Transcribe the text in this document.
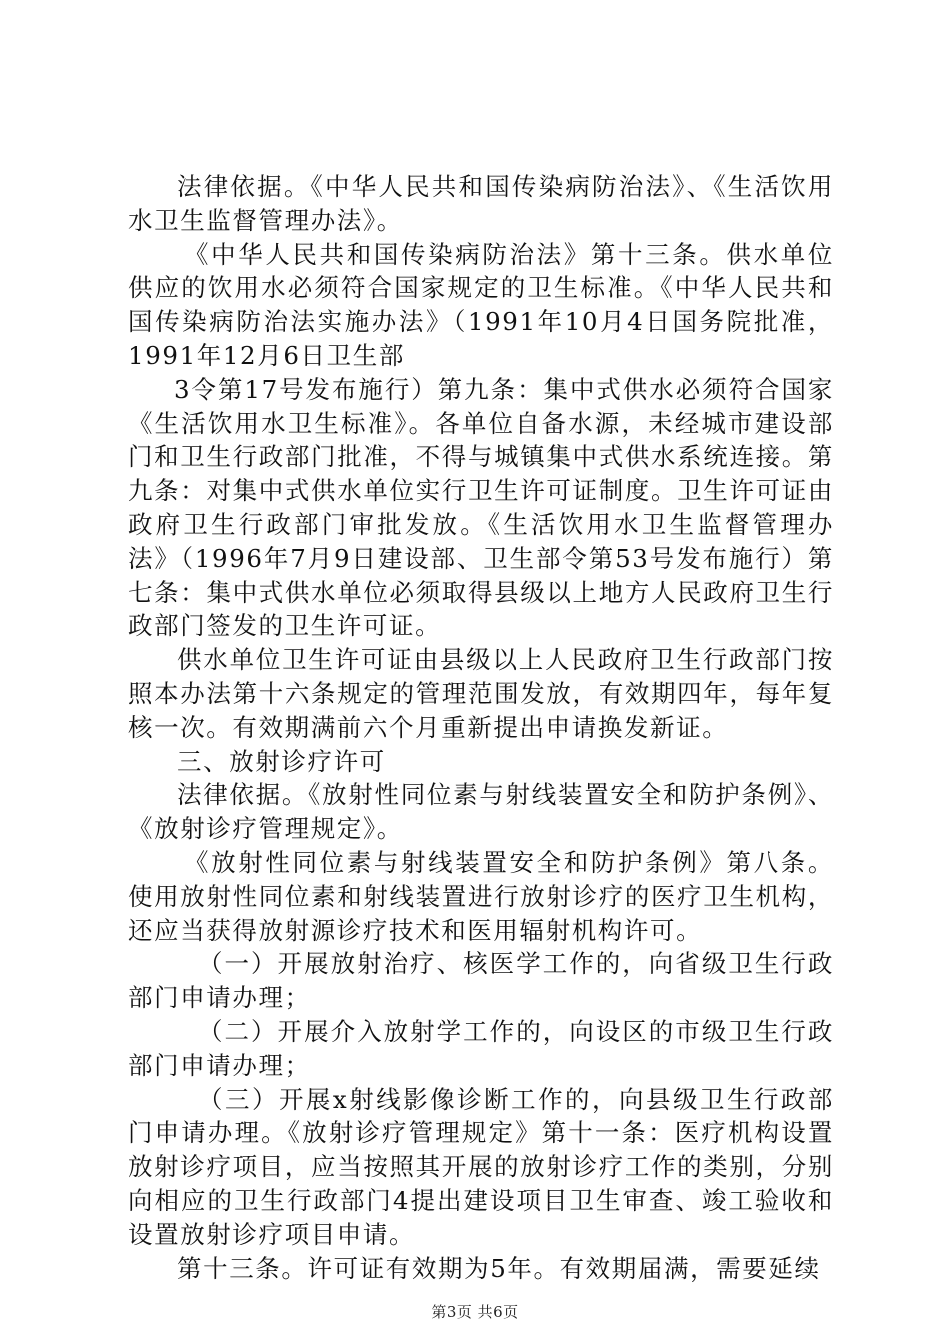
法律依据。《中华人民共和国传染病防治法》、《生活饮用水卫生监督管理办法》。

《中华人民共和国传染病防治法》第十三条。供水单位供应的饮用水必须符合国家规定的卫生标准。《中华人民共和国传染病防治法实施办法》（1991年10月4日国务院批准，1991年12月6日卫生部

3令第17号发布施行）第九条：集中式供水必须符合国家《生活饮用水卫生标准》。各单位自备水源，未经城市建设部门和卫生行政部门批准，不得与城镇集中式供水系统连接。第九条：对集中式供水单位实行卫生许可证制度。卫生许可证由政府卫生行政部门审批发放。《生活饮用水卫生监督管理办法》（1996年7月9日建设部、卫生部令第53号发布施行）第七条：集中式供水单位必须取得县级以上地方人民政府卫生行政部门签发的卫生许可证。

供水单位卫生许可证由县级以上人民政府卫生行政部门按照本办法第十六条规定的管理范围发放，有效期四年，每年复核一次。有效期满前六个月重新提出申请换发新证。

三、放射诊疗许可

法律依据。《放射性同位素与射线装置安全和防护条例》、《放射诊疗管理规定》。

《放射性同位素与射线装置安全和防护条例》第八条。使用放射性同位素和射线装置进行放射诊疗的医疗卫生机构，还应当获得放射源诊疗技术和医用辐射机构许可。

（一）开展放射治疗、核医学工作的，向省级卫生行政部门申请办理；

（二）开展介入放射学工作的，向设区的市级卫生行政部门申请办理；

（三）开展x射线影像诊断工作的，向县级卫生行政部门申请办理。《放射诊疗管理规定》第十一条：医疗机构设置放射诊疗项目，应当按照其开展的放射诊疗工作的类别，分别向相应的卫生行政部门4提出建设项目卫生审查、竣工验收和设置放射诊疗项目申请。

第十三条。许可证有效期为5年。有效期届满，需要延续

第3页 共6页
